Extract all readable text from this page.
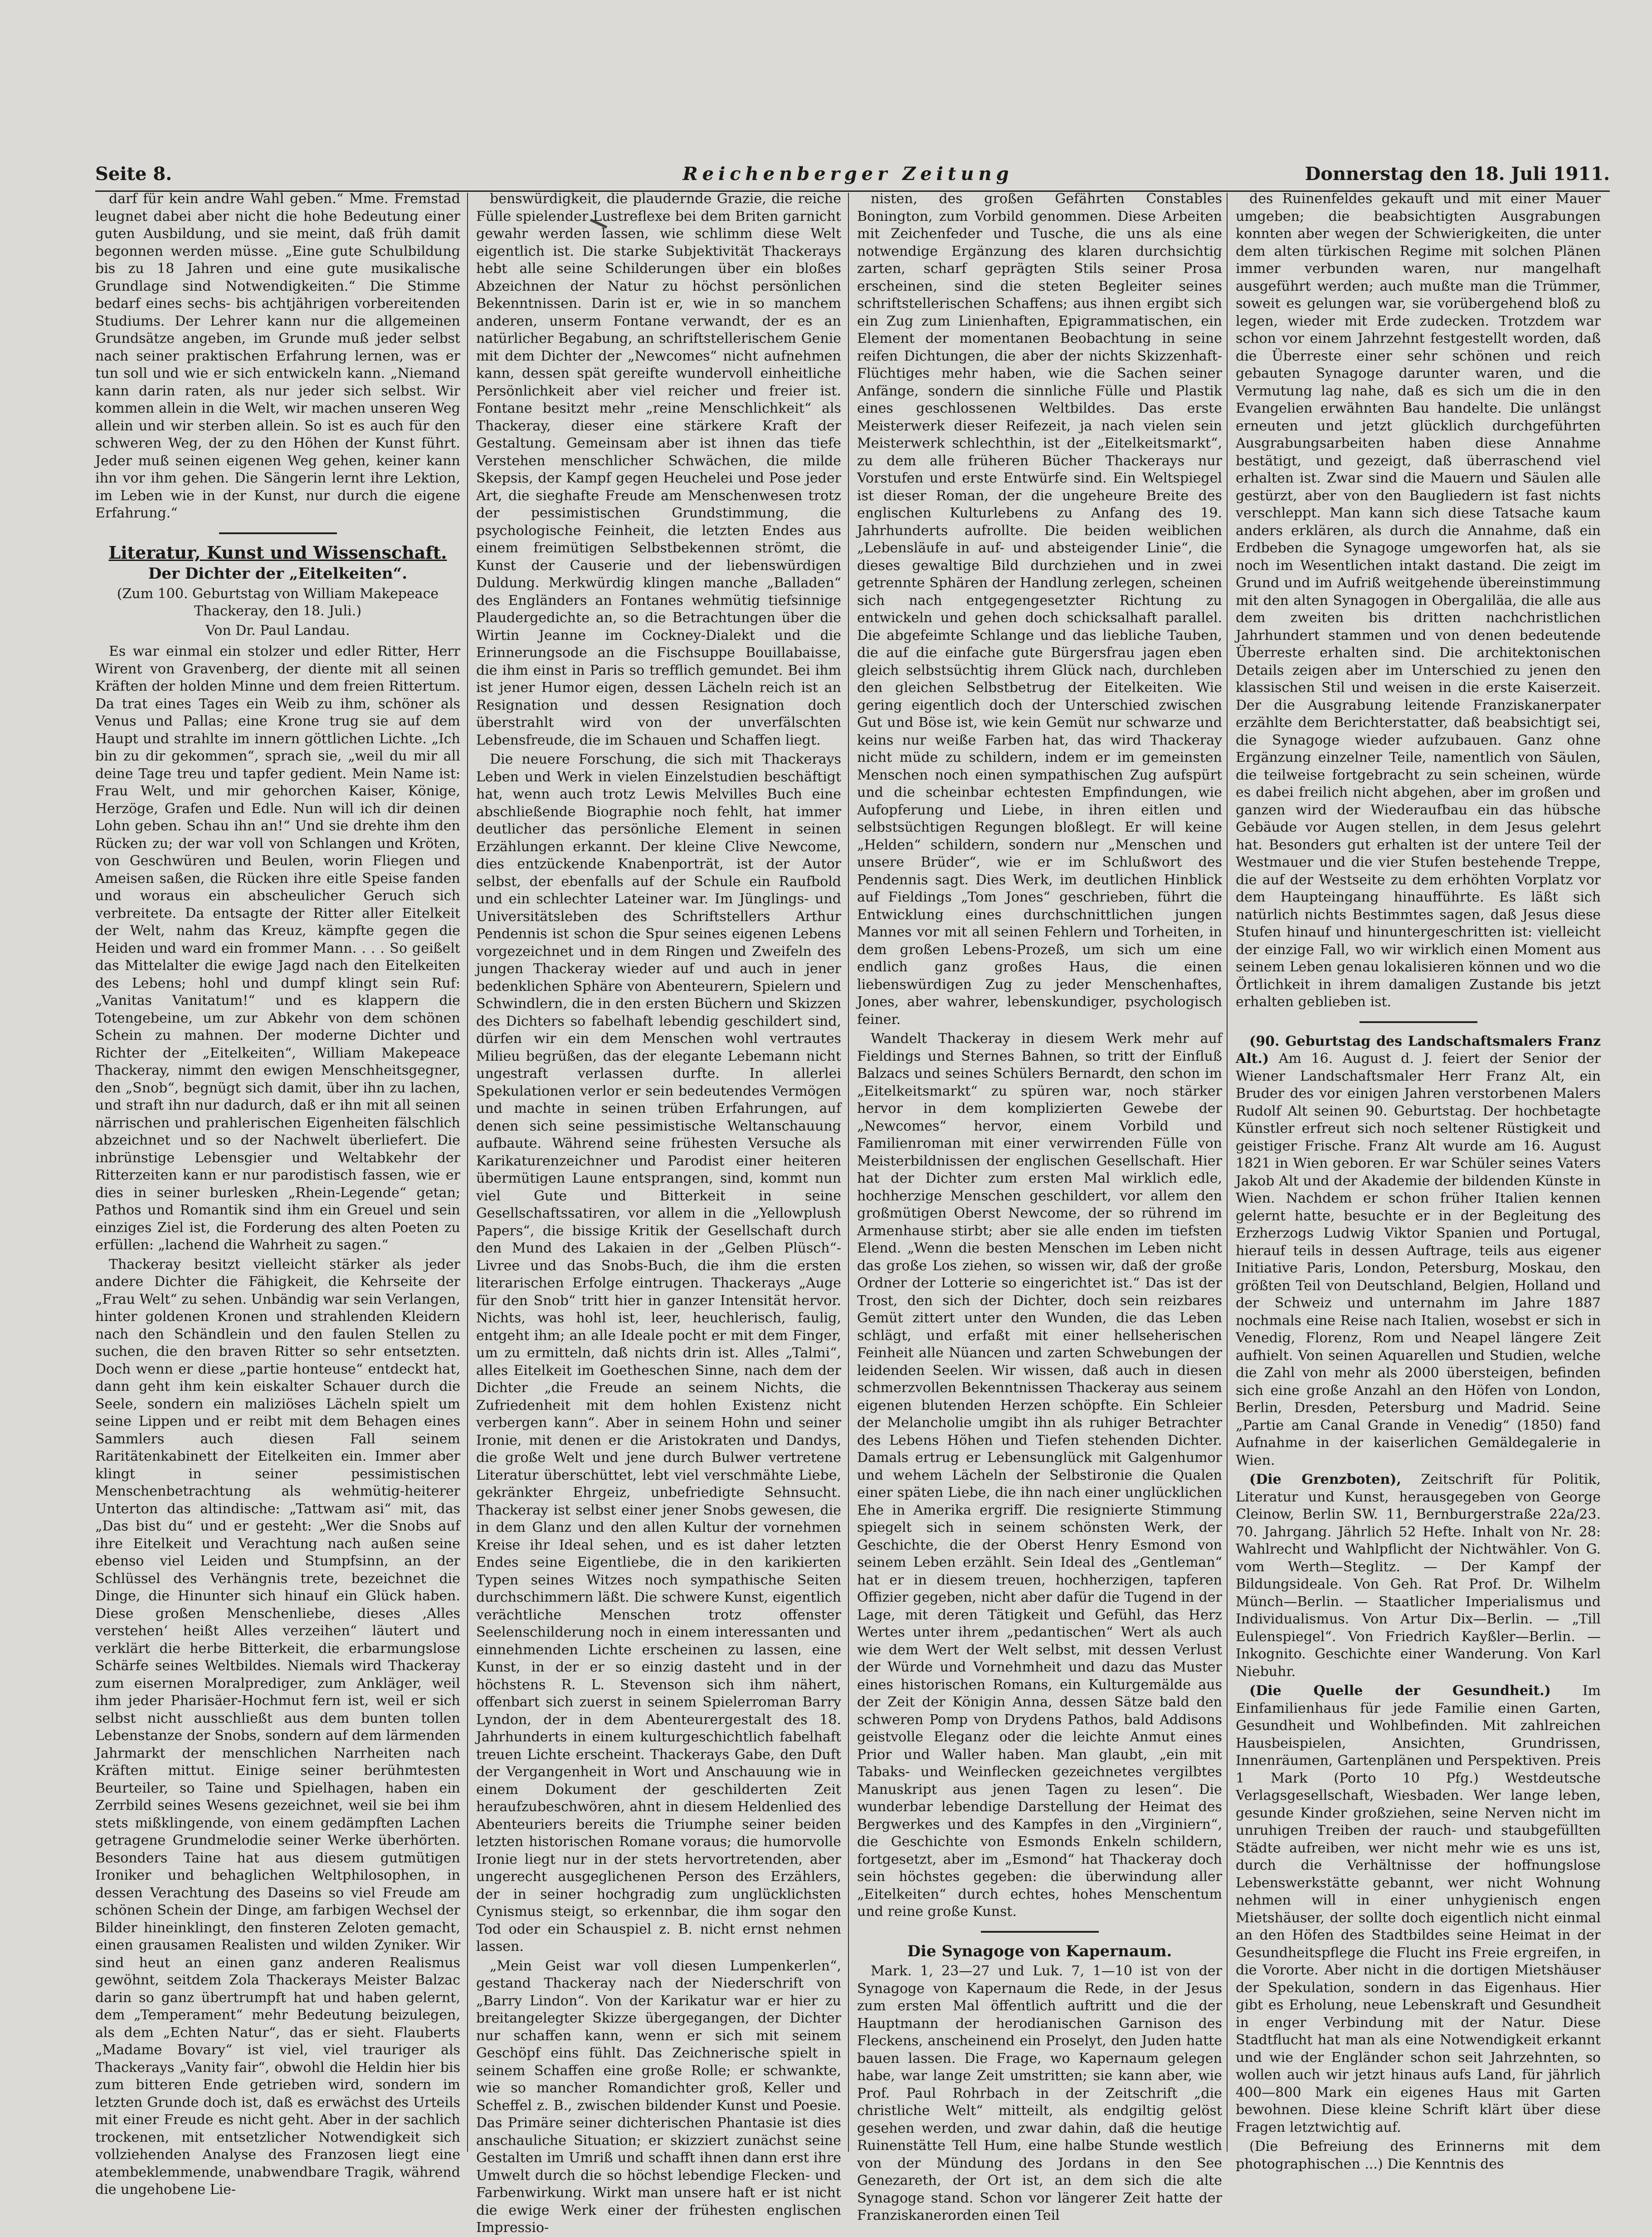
Seite 8.	Reichenberger Zeitung	Donnerstag den 18. Juli 1911.

darf für kein andre Wahl geben.“ Mme. Fremstad leugnet dabei aber nicht die hohe Bedeutung einer guten Ausbildung, und sie meint, daß früh damit begonnen werden müsse. „Eine gute Schulbildung bis zu 18 Jahren und eine gute musikalische Grundlage sind Notwendigkeiten.“ Die Stimme bedarf eines sechs- bis achtjährigen vorbereitenden Studiums. Der Lehrer kann nur die allgemeinen Grundsätze angeben, im Grunde muß jeder selbst nach seiner praktischen Erfahrung lernen, was er tun soll und wie er sich entwickeln kann. „Niemand kann darin raten, als nur jeder sich selbst. Wir kommen allein in die Welt, wir machen unseren Weg allein und wir sterben allein. So ist es auch für den schweren Weg, der zu den Höhen der Kunst führt. Jeder muß seinen eigenen Weg gehen, keiner kann ihn vor ihm gehen. Die Sängerin lernt ihre Lektion, im Leben wie in der Kunst, nur durch die eigene Erfahrung.“

Literatur, Kunst und Wissenschaft.
Der Dichter der „Eitelkeiten“.
(Zum 100. Geburtstag von William Makepeace Thackeray, den 18. Juli.)
Von Dr. Paul Landau.

Es war einmal ein stolzer und edler Ritter, Herr Wirent von Gravenberg, der diente mit all seinen Kräften der holden Minne und dem freien Rittertum. Da trat eines Tages ein Weib zu ihm, schöner als Venus und Pallas; eine Krone trug sie auf dem Haupt und strahlte im innern göttlichen Lichte. „Ich bin zu dir gekommen“, sprach sie, „weil du mir all deine Tage treu und tapfer gedient. Mein Name ist: Frau Welt, und mir gehorchen Kaiser, Könige, Herzöge, Grafen und Edle. Nun will ich dir deinen Lohn geben. Schau ihn an!“ Und sie drehte ihm den Rücken zu; der war voll von Schlangen und Kröten, von Geschwüren und Beulen, worin Fliegen und Ameisen saßen, die Rücken ihre eitle Speise fanden und woraus ein abscheulicher Geruch sich verbreitete. Da entsagte der Ritter aller Eitelkeit der Welt, nahm das Kreuz, kämpfte gegen die Heiden und ward ein frommer Mann. . . . So geißelt das Mittelalter die ewige Jagd nach den Eitelkeiten des Lebens; hohl und dumpf klingt sein Ruf: „Vanitas Vanitatum!“ und es klappern die Totengebeine, um zur Abkehr von dem schönen Schein zu mahnen. Der moderne Dichter und Richter der „Eitelkeiten“, William Makepeace Thackeray, nimmt den ewigen Menschheitsgegner, den „Snob“, begnügt sich damit, über ihn zu lachen, und straft ihn nur dadurch, daß er ihn mit all seinen närrischen und prahlerischen Eigenheiten fälschlich abzeichnet und so der Nachwelt überliefert. Die inbrünstige Lebensgier und Weltabkehr der Ritterzeiten kann er nur parodistisch fassen, wie er dies in seiner burlesken „Rhein-Legende“ getan; Pathos und Romantik sind ihm ein Greuel und sein einziges Ziel ist, die Forderung des alten Poeten zu erfüllen: „lachend die Wahrheit zu sagen.“

Thackeray besitzt vielleicht stärker als jeder andere Dichter die Fähigkeit, die Kehrseite der „Frau Welt“ zu sehen. Unbändig war sein Verlangen, hinter goldenen Kronen und strahlenden Kleidern nach den Schändlein und den faulen Stellen zu suchen, die den braven Ritter so sehr entsetzten. Doch wenn er diese „partie honteuse“ entdeckt hat, dann geht ihm kein eiskalter Schauer durch die Seele, sondern ein maliziöses Lächeln spielt um seine Lippen und er reibt mit dem Behagen eines Sammlers auch diesen Fall seinem Raritätenkabinett der Eitelkeiten ein. Immer aber klingt in seiner pessimistischen Menschenbetrachtung als wehmütig-heiterer Unterton das altindische: „Tattwam asi“ mit, das „Das bist du“ und er gesteht: „Wer die Snobs auf ihre Eitelkeit und Verachtung nach außen seine ebenso viel Leiden und Stumpfsinn, an der Schlüssel des Verhängnis trete, bezeichnet die Dinge, die Hinunter sich hinauf ein Glück haben. Diese großen Menschenliebe, dieses ‚Alles verstehen‘ heißt Alles verzeihen“ läutert und verklärt die herbe Bitterkeit, die erbarmungslose Schärfe seines Weltbildes. Niemals wird Thackeray zum eisernen Moralprediger, zum Ankläger, weil ihm jeder Pharisäer-Hochmut fern ist, weil er sich selbst nicht ausschließt aus dem bunten tollen Lebenstanze der Snobs, sondern auf dem lärmenden Jahrmarkt der menschlichen Narrheiten nach Kräften mittut. Einige seiner berühmtesten Beurteiler, so Taine und Spielhagen, haben ein Zerrbild seines Wesens gezeichnet, weil sie bei ihm stets mißklingende, von einem gedämpften Lachen getragene Grundmelodie seiner Werke überhörten. Besonders Taine hat aus diesem gutmütigen Ironiker und behaglichen Weltphilosophen, in dessen Verachtung des Daseins so viel Freude am schönen Schein der Dinge, am farbigen Wechsel der Bilder hineinklingt, den finsteren Zeloten gemacht, einen grausamen Realisten und wilden Zyniker. Wir sind heut an einen ganz anderen Realismus gewöhnt, seitdem Zola Thackerays Meister Balzac darin so ganz übertrumpft hat und haben gelernt, dem „Temperament“ mehr Bedeutung beizulegen, als dem „Echten Natur“, das er sieht. Flauberts „Madame Bovary“ ist viel, viel trauriger als Thackerays „Vanity fair“, obwohl die Heldin hier bis zum bitteren Ende getrieben wird, sondern im letzten Grunde doch ist, daß es erwächst des Urteils mit einer Freude es nicht geht. Aber in der sachlich trockenen, mit entsetzlicher Notwendigkeit sich vollziehenden Analyse des Franzosen liegt eine atembeklemmende, unabwendbare Tragik, während die ungehobene Lie-

benswürdigkeit, die plaudernde Grazie, die reiche Fülle spielender Lustreflexe bei dem Briten garnicht gewahr werden lassen, wie schlimm diese Welt eigentlich ist. Die starke Subjektivität Thackerays hebt alle seine Schilderungen über ein bloßes Abzeichnen der Natur zu höchst persönlichen Bekenntnissen. Darin ist er, wie in so manchem anderen, unserm Fontane verwandt, der es an natürlicher Begabung, an schriftstellerischem Genie mit dem Dichter der „Newcomes“ nicht aufnehmen kann, dessen spät gereifte wundervoll einheitliche Persönlichkeit aber viel reicher und freier ist. Fontane besitzt mehr „reine Menschlichkeit“ als Thackeray, dieser eine stärkere Kraft der Gestaltung. Gemeinsam aber ist ihnen das tiefe Verstehen menschlicher Schwächen, die milde Skepsis, der Kampf gegen Heuchelei und Pose jeder Art, die sieghafte Freude am Menschenwesen trotz der pessimistischen Grundstimmung, die psychologische Feinheit, die letzten Endes aus einem freimütigen Selbstbekennen strömt, die Kunst der Causerie und der liebenswürdigen Duldung. Merkwürdig klingen manche „Balladen“ des Engländers an Fontanes wehmütig tiefsinnige Plaudergedichte an, so die Betrachtungen über die Wirtin Jeanne im Cockney-Dialekt und die Erinnerungsode an die Fischsuppe Bouillabaisse, die ihm einst in Paris so trefflich gemundet. Bei ihm ist jener Humor eigen, dessen Lächeln reich ist an Resignation und dessen Resignation doch überstrahlt wird von der unverfälschten Lebensfreude, die im Schauen und Schaffen liegt.

Die neuere Forschung, die sich mit Thackerays Leben und Werk in vielen Einzelstudien beschäftigt hat, wenn auch trotz Lewis Melvilles Buch eine abschließende Biographie noch fehlt, hat immer deutlicher das persönliche Element in seinen Erzählungen erkannt. Der kleine Clive Newcome, dies entzückende Knabenporträt, ist der Autor selbst, der ebenfalls auf der Schule ein Raufbold und ein schlechter Lateiner war. Im Jünglings- und Universitätsleben des Schriftstellers Arthur Pendennis ist schon die Spur seines eigenen Lebens vorgezeichnet und in dem Ringen und Zweifeln des jungen Thackeray wieder auf und auch in jener bedenklichen Sphäre von Abenteurern, Spielern und Schwindlern, die in den ersten Büchern und Skizzen des Dichters so fabelhaft lebendig geschildert sind, dürfen wir ein dem Menschen wohl vertrautes Milieu begrüßen, das der elegante Lebemann nicht ungestraft verlassen durfte. In allerlei Spekulationen verlor er sein bedeutendes Vermögen und machte in seinen trüben Erfahrungen, auf denen sich seine pessimistische Weltanschauung aufbaute. Während seine frühesten Versuche als Karikaturenzeichner und Parodist einer heiteren übermütigen Laune entsprangen, sind, kommt nun viel Gute und Bitterkeit in seine Gesellschaftssatiren, vor allem in die „Yellowplush Papers“, die bissige Kritik der Gesellschaft durch den Mund des Lakaien in der „Gelben Plüsch“-Livree und das Snobs-Buch, die ihm die ersten literarischen Erfolge eintrugen. Thackerays „Auge für den Snob“ tritt hier in ganzer Intensität hervor. Nichts, was hohl ist, leer, heuchlerisch, faulig, entgeht ihm; an alle Ideale pocht er mit dem Finger, um zu ermitteln, daß nichts drin ist. Alles „Talmi“, alles Eitelkeit im Goetheschen Sinne, nach dem der Dichter „die Freude an seinem Nichts, die Zufriedenheit mit dem hohlen Existenz nicht verbergen kann“. Aber in seinem Hohn und seiner Ironie, mit denen er die Aristokraten und Dandys, die große Welt und jene durch Bulwer vertretene Literatur überschüttet, lebt viel verschmähte Liebe, gekränkter Ehrgeiz, unbefriedigte Sehnsucht. Thackeray ist selbst einer jener Snobs gewesen, die in dem Glanz und den allen Kultur der vornehmen Kreise ihr Ideal sehen, und es ist daher letzten Endes seine Eigentliebe, die in den karikierten Typen seines Witzes noch sympathische Seiten durchschimmern läßt. Die schwere Kunst, eigentlich verächtliche Menschen trotz offenster Seelenschilderung noch in einem interessanten und einnehmenden Lichte erscheinen zu lassen, eine Kunst, in der er so einzig dasteht und in der höchstens R. L. Stevenson sich ihm nähert, offenbart sich zuerst in seinem Spielerroman Barry Lyndon, der in dem Abenteurergestalt des 18. Jahrhunderts in einem kulturgeschichtlich fabelhaft treuen Lichte erscheint. Thackerays Gabe, den Duft der Vergangenheit in Wort und Anschauung wie in einem Dokument der geschilderten Zeit heraufzubeschwören, ahnt in diesem Heldenlied des Abenteuriers bereits die Triumphe seiner beiden letzten historischen Romane voraus; die humorvolle Ironie liegt nur in der stets hervortretenden, aber ungerecht ausgeglichenen Person des Erzählers, der in seiner hochgradig zum unglücklichsten Cynismus steigt, so erkennbar, die ihm sogar den Tod oder ein Schauspiel z. B. nicht ernst nehmen lassen.

„Mein Geist war voll diesen Lumpenkerlen“, gestand Thackeray nach der Niederschrift von „Barry Lindon“. Von der Karikatur war er hier zu breitangelegter Skizze übergegangen, der Dichter nur schaffen kann, wenn er sich mit seinem Geschöpf eins fühlt. Das Zeichnerische spielt in seinem Schaffen eine große Rolle; er schwankte, wie so mancher Romandichter groß, Keller und Scheffel z. B., zwischen bildender Kunst und Poesie. Das Primäre seiner dichterischen Phantasie ist dies anschauliche Situation; er skizziert zunächst seine Gestalten im Umriß und schafft ihnen dann erst ihre Umwelt durch die so höchst lebendige Flecken- und Farbenwirkung. Wirkt man unsere haft er ist nicht die ewige Werk einer der frühesten englischen Impressio-

nisten, des großen Gefährten Constables Bonington, zum Vorbild genommen. Diese Arbeiten mit Zeichenfeder und Tusche, die uns als eine notwendige Ergänzung des klaren durchsichtig zarten, scharf geprägten Stils seiner Prosa erscheinen, sind die steten Begleiter seines schriftstellerischen Schaffens; aus ihnen ergibt sich ein Zug zum Linienhaften, Epigrammatischen, ein Element der momentanen Beobachtung in seine reifen Dichtungen, die aber der nichts Skizzenhaft-Flüchtiges mehr haben, wie die Sachen seiner Anfänge, sondern die sinnliche Fülle und Plastik eines geschlossenen Weltbildes. Das erste Meisterwerk dieser Reifezeit, ja nach vielen sein Meisterwerk schlechthin, ist der „Eitelkeitsmarkt“, zu dem alle früheren Bücher Thackerays nur Vorstufen und erste Entwürfe sind. Ein Weltspiegel ist dieser Roman, der die ungeheure Breite des englischen Kulturlebens zu Anfang des 19. Jahrhunderts aufrollte. Die beiden weiblichen „Lebensläufe in auf- und absteigender Linie“, die dieses gewaltige Bild durchziehen und in zwei getrennte Sphären der Handlung zerlegen, scheinen sich nach entgegengesetzter Richtung zu entwickeln und gehen doch schicksalhaft parallel. Die abgefeimte Schlange und das liebliche Tauben, die auf die einfache gute Bürgersfrau jagen eben gleich selbstsüchtig ihrem Glück nach, durchleben den gleichen Selbstbetrug der Eitelkeiten. Wie gering eigentlich doch der Unterschied zwischen Gut und Böse ist, wie kein Gemüt nur schwarze und keins nur weiße Farben hat, das wird Thackeray nicht müde zu schildern, indem er im gemeinsten Menschen noch einen sympathischen Zug aufspürt und die scheinbar echtesten Empfindungen, wie Aufopferung und Liebe, in ihren eitlen und selbstsüchtigen Regungen bloßlegt. Er will keine „Helden“ schildern, sondern nur „Menschen und unsere Brüder“, wie er im Schlußwort des Pendennis sagt. Dies Werk, im deutlichen Hinblick auf Fieldings „Tom Jones“ geschrieben, führt die Entwicklung eines durchschnittlichen jungen Mannes vor mit all seinen Fehlern und Torheiten, in dem großen Lebens-Prozeß, um sich um eine endlich ganz großes Haus, die einen liebenswürdigen Zug zu jeder Menschenhaftes, Jones, aber wahrer, lebenskundiger, psychologisch feiner.

Wandelt Thackeray in diesem Werk mehr auf Fieldings und Sternes Bahnen, so tritt der Einfluß Balzacs und seines Schülers Bernardt, den schon im „Eitelkeitsmarkt“ zu spüren war, noch stärker hervor in dem komplizierten Gewebe der „Newcomes“ hervor, einem Vorbild und Familienroman mit einer verwirrenden Fülle von Meisterbildnissen der englischen Gesellschaft. Hier hat der Dichter zum ersten Mal wirklich edle, hochherzige Menschen geschildert, vor allem den großmütigen Oberst Newcome, der so rührend im Armenhause stirbt; aber sie alle enden im tiefsten Elend. „Wenn die besten Menschen im Leben nicht das große Los ziehen, so wissen wir, daß der große Ordner der Lotterie so eingerichtet ist.“ Das ist der Trost, den sich der Dichter, doch sein reizbares Gemüt zittert unter den Wunden, die das Leben schlägt, und erfaßt mit einer hellseherischen Feinheit alle Nüancen und zarten Schwebungen der leidenden Seelen. Wir wissen, daß auch in diesen schmerzvollen Bekenntnissen Thackeray aus seinem eigenen blutenden Herzen schöpfte. Ein Schleier der Melancholie umgibt ihn als ruhiger Betrachter des Lebens Höhen und Tiefen stehenden Dichter. Damals ertrug er Lebensunglück mit Galgenhumor und wehem Lächeln der Selbstironie die Qualen einer späten Liebe, die ihn nach einer unglücklichen Ehe in Amerika ergriff. Die resignierte Stimmung spiegelt sich in seinem schönsten Werk, der Geschichte, die der Oberst Henry Esmond von seinem Leben erzählt. Sein Ideal des „Gentleman“ hat er in diesem treuen, hochherzigen, tapferen Offizier gegeben, nicht aber dafür die Tugend in der Lage, mit deren Tätigkeit und Gefühl, das Herz Wertes unter ihrem „pedantischen“ Wert als auch wie dem Wert der Welt selbst, mit dessen Verlust der Würde und Vornehmheit und dazu das Muster eines historischen Romans, ein Kulturgemälde aus der Zeit der Königin Anna, dessen Sätze bald den schweren Pomp von Drydens Pathos, bald Addisons geistvolle Eleganz oder die leichte Anmut eines Prior und Waller haben. Man glaubt, „ein mit Tabaks- und Weinflecken gezeichnetes vergilbtes Manuskript aus jenen Tagen zu lesen“. Die wunderbar lebendige Darstellung der Heimat des Bergwerkes und des Kampfes in den „Virginiern“, die Geschichte von Esmonds Enkeln schildern, fortgesetzt, aber im „Esmond“ hat Thackeray doch sein höchstes gegeben: die überwindung aller „Eitelkeiten“ durch echtes, hohes Menschentum und reine große Kunst.

Die Synagoge von Kapernaum.

Mark. 1, 23—27 und Luk. 7, 1—10 ist von der Synagoge von Kapernaum die Rede, in der Jesus zum ersten Mal öffentlich auftritt und die der Hauptmann der herodianischen Garnison des Fleckens, anscheinend ein Proselyt, den Juden hatte bauen lassen. Die Frage, wo Kapernaum gelegen habe, war lange Zeit umstritten; sie kann aber, wie Prof. Paul Rohrbach in der Zeitschrift „die christliche Welt“ mitteilt, als endgiltig gelöst gesehen werden, und zwar dahin, daß die heutige Ruinenstätte Tell Hum, eine halbe Stunde westlich von der Mündung des Jordans in den See Genezareth, der Ort ist, an dem sich die alte Synagoge stand. Schon vor längerer Zeit hatte der Franziskanerorden einen Teil

des Ruinenfeldes gekauft und mit einer Mauer umgeben; die beabsichtigten Ausgrabungen konnten aber wegen der Schwierigkeiten, die unter dem alten türkischen Regime mit solchen Plänen immer verbunden waren, nur mangelhaft ausgeführt werden; auch mußte man die Trümmer, soweit es gelungen war, sie vorübergehend bloß zu legen, wieder mit Erde zudecken. Trotzdem war schon vor einem Jahrzehnt festgestellt worden, daß die Überreste einer sehr schönen und reich gebauten Synagoge darunter waren, und die Vermutung lag nahe, daß es sich um die in den Evangelien erwähnten Bau handelte. Die unlängst erneuten und jetzt glücklich durchgeführten Ausgrabungsarbeiten haben diese Annahme bestätigt, und gezeigt, daß überraschend viel erhalten ist. Zwar sind die Mauern und Säulen alle gestürzt, aber von den Baugliedern ist fast nichts verschleppt. Man kann sich diese Tatsache kaum anders erklären, als durch die Annahme, daß ein Erdbeben die Synagoge umgeworfen hat, als sie noch im Wesentlichen intakt dastand. Die zeigt im Grund und im Aufriß weitgehende übereinstimmung mit den alten Synagogen in Obergaliläa, die alle aus dem zweiten bis dritten nachchristlichen Jahrhundert stammen und von denen bedeutende Überreste erhalten sind. Die architektonischen Details zeigen aber im Unterschied zu jenen den klassischen Stil und weisen in die erste Kaiserzeit. Der die Ausgrabung leitende Franziskanerpater erzählte dem Berichterstatter, daß beabsichtigt sei, die Synagoge wieder aufzubauen. Ganz ohne Ergänzung einzelner Teile, namentlich von Säulen, die teilweise fortgebracht zu sein scheinen, würde es dabei freilich nicht abgehen, aber im großen und ganzen wird der Wiederaufbau ein das hübsche Gebäude vor Augen stellen, in dem Jesus gelehrt hat. Besonders gut erhalten ist der untere Teil der Westmauer und die vier Stufen bestehende Treppe, die auf der Westseite zu dem erhöhten Vorplatz vor dem Haupteingang hinaufführte. Es läßt sich natürlich nichts Bestimmtes sagen, daß Jesus diese Stufen hinauf und hinuntergeschritten ist: vielleicht der einzige Fall, wo wir wirklich einen Moment aus seinem Leben genau lokalisieren können und wo die Örtlichkeit in ihrem damaligen Zustande bis jetzt erhalten geblieben ist.

(90. Geburtstag des Landschaftsmalers Franz Alt.) Am 16. August d. J. feiert der Senior der Wiener Landschaftsmaler Herr Franz Alt, ein Bruder des vor einigen Jahren verstorbenen Malers Rudolf Alt seinen 90. Geburtstag. Der hochbetagte Künstler erfreut sich noch seltener Rüstigkeit und geistiger Frische. Franz Alt wurde am 16. August 1821 in Wien geboren. Er war Schüler seines Vaters Jakob Alt und der Akademie der bildenden Künste in Wien. Nachdem er schon früher Italien kennen gelernt hatte, besuchte er in der Begleitung des Erzherzogs Ludwig Viktor Spanien und Portugal, hierauf teils in dessen Auftrage, teils aus eigener Initiative Paris, London, Petersburg, Moskau, den größten Teil von Deutschland, Belgien, Holland und der Schweiz und unternahm im Jahre 1887 nochmals eine Reise nach Italien, wosebst er sich in Venedig, Florenz, Rom und Neapel längere Zeit aufhielt. Von seinen Aquarellen und Studien, welche die Zahl von mehr als 2000 übersteigen, befinden sich eine große Anzahl an den Höfen von London, Berlin, Dresden, Petersburg und Madrid. Seine „Partie am Canal Grande in Venedig“ (1850) fand Aufnahme in der kaiserlichen Gemäldegalerie in Wien.

(Die Grenzboten), Zeitschrift für Politik, Literatur und Kunst, herausgegeben von George Cleinow, Berlin SW. 11, Bernburgerstraße 22a/23. 70. Jahrgang. Jährlich 52 Hefte. Inhalt von Nr. 28: Wahlrecht und Wahlpflicht der Nichtwähler. Von G. vom Werth—Steglitz. — Der Kampf der Bildungsideale. Von Geh. Rat Prof. Dr. Wilhelm Münch—Berlin. — Staatlicher Imperialismus und Individualismus. Von Artur Dix—Berlin. — „Till Eulenspiegel“. Von Friedrich Kayßler—Berlin. — Inkognito. Geschichte einer Wanderung. Von Karl Niebuhr.

(Die Quelle der Gesundheit.) Im Einfamilienhaus für jede Familie einen Garten, Gesundheit und Wohlbefinden. Mit zahlreichen Hausbeispielen, Ansichten, Grundrissen, Innenräumen, Gartenplänen und Perspektiven. Preis 1 Mark (Porto 10 Pfg.) Westdeutsche Verlagsgesellschaft, Wiesbaden. Wer lange leben, gesunde Kinder großziehen, seine Nerven nicht im unruhigen Treiben der rauch- und staubgefüllten Städte aufreiben, wer nicht mehr wie es uns ist, durch die Verhältnisse der hoffnungslose Lebenswerkstätte gebannt, wer nicht Wohnung nehmen will in einer unhygienisch engen Mietshäuser, der sollte doch eigentlich nicht einmal an den Höfen des Stadtbildes seine Heimat in der Gesundheitspflege die Flucht ins Freie ergreifen, in die Vororte. Aber nicht in die dortigen Mietshäuser der Spekulation, sondern in das Eigenhaus. Hier gibt es Erholung, neue Lebenskraft und Gesundheit in enger Verbindung mit der Natur. Diese Stadtflucht hat man als eine Notwendigkeit erkannt und wie der Engländer schon seit Jahrzehnten, so wollen auch wir jetzt hinaus aufs Land, für jährlich 400—800 Mark ein eigenes Haus mit Garten bewohnen. Diese kleine Schrift klärt über diese Fragen letztwichtig auf.

(Die Befreiung des Erinnerns mit dem photographischen ...) Die Kenntnis des
